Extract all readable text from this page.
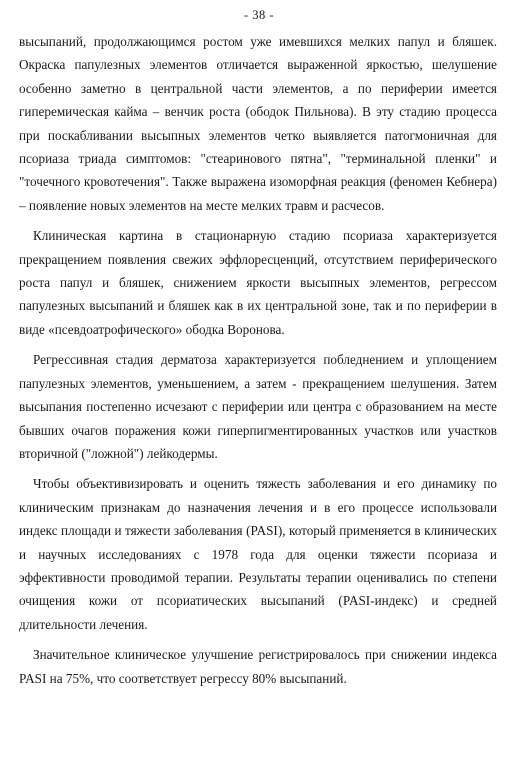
- 38 -

высыпаний, продолжающимся ростом уже имевшихся мелких папул и бляшек. Окраска папулезных элементов отличается выраженной яркостью, шелушение особенно заметно в центральной части элементов, а по периферии имеется гиперемическая кайма – венчик роста (ободок Пильнова). В эту стадию процесса при поскабливании высыпных элементов четко выявляется патогмоничная для псориаза триада симптомов: "стеаринового пятна", "терминальной пленки" и "точечного кровотечения". Также выражена изоморфная реакция (феномен Кебнера) – появление новых элементов на месте мелких травм и расчесов.

Клиническая картина в стационарную стадию псориаза характеризуется прекращением появления свежих эффлоресценций, отсутствием периферического роста папул и бляшек, снижением яркости высыпных элементов, регрессом папулезных высыпаний и бляшек как в их центральной зоне, так и по периферии в виде «псевдоатрофического» ободка Воронова.

Регрессивная стадия дерматоза характеризуется побледнением и уплощением папулезных элементов, уменьшением, а затем - прекращением шелушения. Затем высыпания постепенно исчезают с периферии или центра с образованием на месте бывших очагов поражения кожи гиперпигментированных участков или участков вторичной ("ложной") лейкодермы.

Чтобы объективизировать и оценить тяжесть заболевания и его динамику по клиническим признакам до назначения лечения и в его процессе использовали индекс площади и тяжести заболевания (PASI), который применяется в клинических и научных исследованиях с 1978 года для оценки тяжести псориаза и эффективности проводимой терапии. Результаты терапии оценивались по степени очищения кожи от псориатических высыпаний (PASI-индекс) и средней длительности лечения.

Значительное клиническое улучшение регистрировалось при снижении индекса PASI на 75%, что соответствует регрессу 80% высыпаний.
